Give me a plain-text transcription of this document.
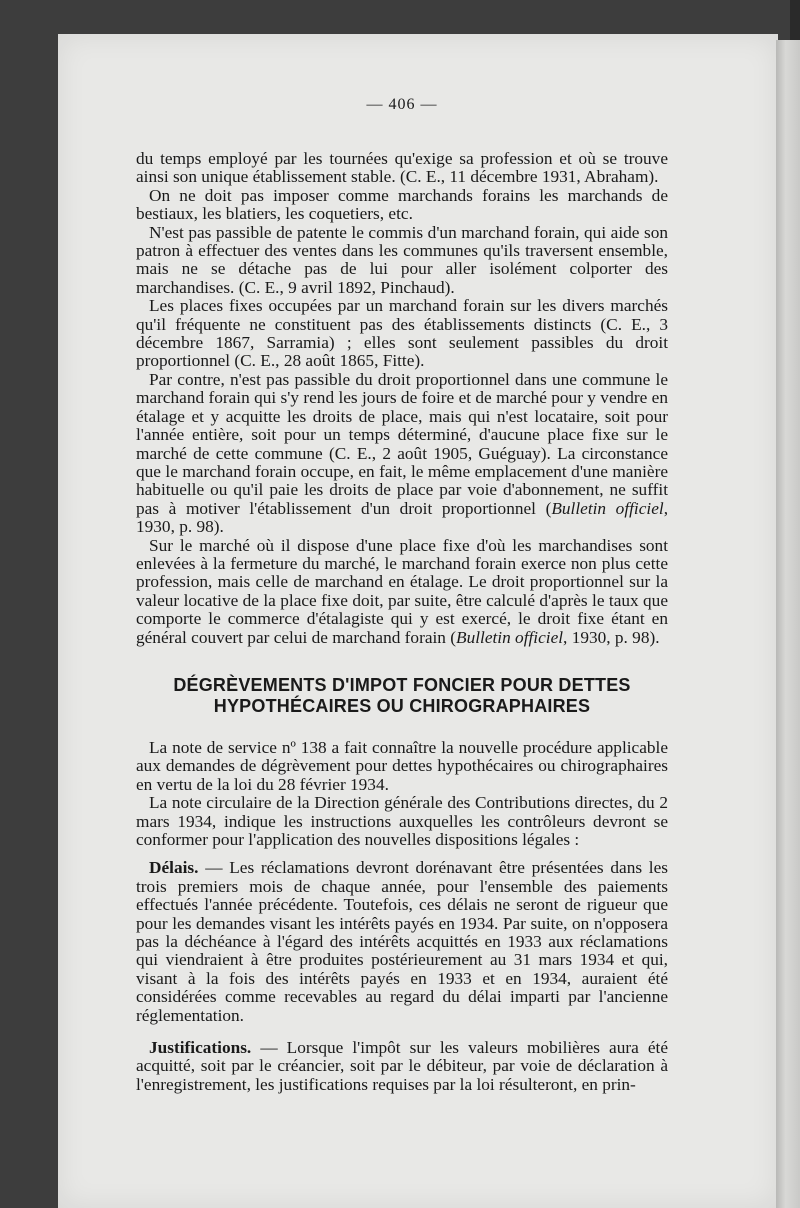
— 406 —

du temps employé par les tournées qu'exige sa profession et où se trouve ainsi son unique établissement stable. (C. E., 11 décembre 1931, Abraham).

On ne doit pas imposer comme marchands forains les marchands de bestiaux, les blatiers, les coquetiers, etc.

N'est pas passible de patente le commis d'un marchand forain, qui aide son patron à effectuer des ventes dans les communes qu'ils traversent ensemble, mais ne se détache pas de lui pour aller isolément colporter des marchandises. (C. E., 9 avril 1892, Pinchaud).

Les places fixes occupées par un marchand forain sur les divers marchés qu'il fréquente ne constituent pas des établissements distincts (C. E., 3 décembre 1867, Sarramia) ; elles sont seulement passibles du droit proportionnel (C. E., 28 août 1865, Fitte).

Par contre, n'est pas passible du droit proportionnel dans une commune le marchand forain qui s'y rend les jours de foire et de marché pour y vendre en étalage et y acquitte les droits de place, mais qui n'est locataire, soit pour l'année entière, soit pour un temps déterminé, d'aucune place fixe sur le marché de cette commune (C. E., 2 août 1905, Guéguay). La circonstance que le marchand forain occupe, en fait, le même emplacement d'une manière habituelle ou qu'il paie les droits de place par voie d'abonnement, ne suffit pas à motiver l'établissement d'un droit proportionnel (Bulletin officiel, 1930, p. 98).

Sur le marché où il dispose d'une place fixe d'où les marchandises sont enlevées à la fermeture du marché, le marchand forain exerce non plus cette profession, mais celle de marchand en étalage. Le droit proportionnel sur la valeur locative de la place fixe doit, par suite, être calculé d'après le taux que comporte le commerce d'étalagiste qui y est exercé, le droit fixe étant en général couvert par celui de marchand forain (Bulletin officiel, 1930, p. 98).

DÉGRÈVEMENTS D'IMPOT FONCIER POUR DETTES
HYPOTHÉCAIRES OU CHIROGRAPHAIRES

La note de service nº 138 a fait connaître la nouvelle procédure applicable aux demandes de dégrèvement pour dettes hypothécaires ou chirographaires en vertu de la loi du 28 février 1934.

La note circulaire de la Direction générale des Contributions directes, du 2 mars 1934, indique les instructions auxquelles les contrôleurs devront se conformer pour l'application des nouvelles dispositions légales :

Délais. — Les réclamations devront dorénavant être présentées dans les trois premiers mois de chaque année, pour l'ensemble des paiements effectués l'année précédente. Toutefois, ces délais ne seront de rigueur que pour les demandes visant les intérêts payés en 1934. Par suite, on n'opposera pas la déchéance à l'égard des intérêts acquittés en 1933 aux réclamations qui viendraient à être produites postérieurement au 31 mars 1934 et qui, visant à la fois des intérêts payés en 1933 et en 1934, auraient été considérées comme recevables au regard du délai imparti par l'ancienne réglementation.

Justifications. — Lorsque l'impôt sur les valeurs mobilières aura été acquitté, soit par le créancier, soit par le débiteur, par voie de déclaration à l'enregistrement, les justifications requises par la loi résulteront, en prin-
